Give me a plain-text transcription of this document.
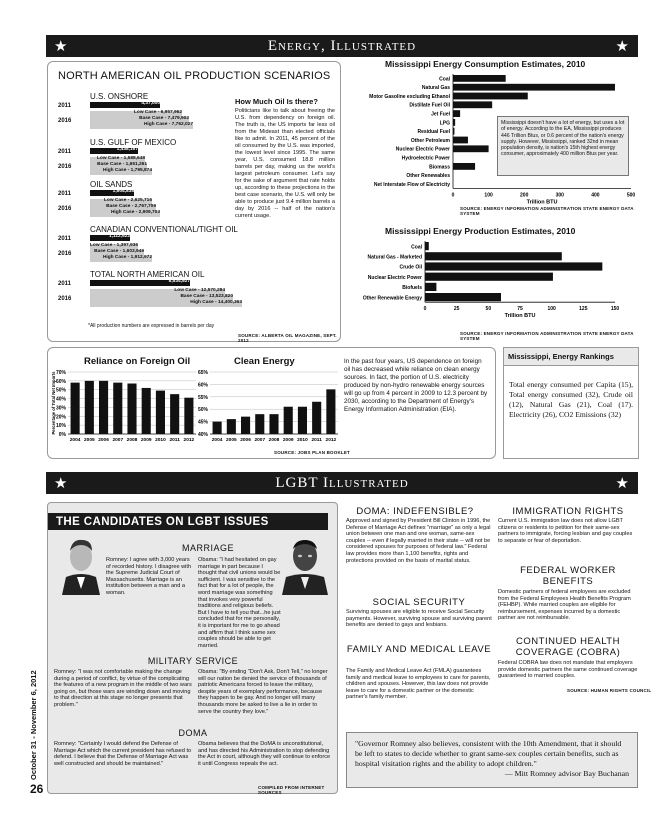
★	Energy, Illustrated	★
NORTH AMERICAN OIL PRODUCTION SCENARIOS
U.S. ONSHORE
2011
2016
4,37,000
Low Case - 6,957,962
Base Case - 7,479,902
High Case - 7,762,027
U.S. GULF OF MEXICO
2011
2016
1,438,167
Low Case - 1,588,648
Base Case - 1,651,261
High Case - 1,795,874
OIL SANDS
2011
2016
1,604,838
Low Case - 2,625,716
Base Case - 2,767,709
High Case - 2,909,703
CANADIAN CONVENTIONAL/TIGHT OIL
2011
2016
1,112,922
Low Case - 1,397,936
Base Case - 1,603,949
High Case - 1,912,972
TOTAL NORTH AMERICAN OIL
2011
2016
8,534,927
Low Case - 12,570,284
Base Case - 13,523,820
High Case - 14,400,363
How Much Oil Is there?
Politicians like to talk about freeing the U.S. from dependency on foreign oil. The truth is, the US imports far less oil from the Mideast than elected officials like to admit. In 2011, 45 percent of the oil consumed by the U.S. was imported, the lowest level since 1995. The same year, U.S. consumed 18.8 million barrels per day, making us the world's largest petroleum consumer. Let's say for the sake of argument that rate holds up, according to these projections in the best case scenario, the U.S. will only be able to produce just 9.4 million barrels a day by 2016 -- half of the nation's current usage.
*All production numbers are expressed in barrels per day
SOURCE: ALBERTA OIL MAGAZINE, SEPT. 2012
Mississippi Energy Consumption Estimates, 2010
Coal
Natural Gas
Motor Gasoline excluding Ethanol
Distillate Fuel Oil
Jet Fuel
LPG
Residual Fuel
Other Petroleum
Nuclear Electric Power
Hydroelectric Power
Biomass
Other Renewables
Net Interstate Flow of Electricity
0	100	200	300	400	500
Trillion BTU
Mississippi doesn't have a lot of energy, but uses a lot of energy. According to the EA, Mississippi produces 446 Trillion Btus, or 0.6 percent of the nation's energy supply. However, Mississippi, ranked 32nd in mean population density, is nation's 15th highest energy consumer, approximately 400 million Btus per year.
SOURCE: ENERGY INFORMATION ADMINISTRATION STATE ENERGY DATA SYSTEM
Mississippi Energy Production Estimates, 2010
Coal
Natural Gas - Marketed
Crude Oil
Nuclear Electric Power
Biofuels
Other Renewable Energy
0	25	50	75	100	125	150
Trillion BTU
SOURCE: ENERGY INFORMATION ADMINISTRATION STATE ENERGY DATA SYSTEM
Reliance on Foreign Oil
70%
60%
50%
40%
30%
20%
10%
0%
2004 2005 2006 2007 2008 2009 2010 2011 2012
Percentage of Total Net Imports
Clean Energy
65%
60%
55%
50%
45%
40%
2004 2005 2006 2007 2008 2009 2010 2011 2012
In the past four years, US dependence on foreign oil has decreased while reliance on clean energy sources. In fact, the portion of U.S. electricity produced by non-hydro renewable energy sources will go up from 4 percent in 2009 to 12.3 percent by 2030, according to the Department of Energy's Energy Information Administration (EIA).
SOURCE: JOBS PLAN BOOKLET
Mississippi, Energy Rankings
Total energy consumed per Capita (15), Total energy consumed (32), Crude oil (12), Natural Gas (21), Coal (17). Electricity (26), CO2 Emissions (32)
★	LGBT Illustrated	★
THE CANDIDATES ON LGBT ISSUES
MARRIAGE
Romney: I agree with 3,000 years of recorded history. I disagree with the Supreme Judicial Court of Massachusetts. Marriage is an institution between a man and a woman.
Obama: "I had hesitated on gay marriage in part because I thought that civil unions would be sufficient. I was sensitive to the fact that for a lot of people, the word marriage was something that invokes very powerful traditions and religious beliefs. But I have to tell you that...he just concluded that for me personally, it is important for me to go ahead and affirm that I think same sex couples should be able to get married.
MILITARY SERVICE
Romney: "I was not comfortable making the change during a period of conflict, by virtue of the complicating the features of a new program in the middle of two wars going on, but those wars are winding down and moving to that direction at this stage no longer presents that problem."
Obama: "By ending "Don't Ask, Don't Tell," no longer will our nation be denied the service of thousands of patriotic Americans forced to leave the military, despite years of exemplary performance, because they happen to be gay. And no longer will many thousands more be asked to live a lie in order to serve the country they love."
DOMA
Romney: "Certainly I would defend the Defense of Marriage Act which the current president has refused to defend. I believe that the Defense of Marriage Act was well constructed and should be maintained."
Obama believes that the DoMA is unconstitutional, and has directed his Administration to stop defending the Act in court, although they will continue to enforce it until Congress repeals the act.
COMPILED FROM INTERNET SOURCES
DOMA: INDEFENSIBLE?
Approved and signed by President Bill Clinton in 1996, the Defense of Marriage Act defines "marriage" as only a legal union between one man and one woman, same-sex couples -- even if legally married in their state -- will not be considered spouses for purposes of federal law." Federal law provides more than 1,100 benefits, rights and protections provided on the basis of marital status.
SOCIAL SECURITY
Surviving spouses are eligible to receive Social Security payments. However, surviving spouse and surviving parent benefits are denied to gays and lesbians.
FAMILY AND MEDICAL LEAVE
The Family and Medical Leave Act (FMLA) guarantees family and medical leave to employees to care for parents, children and spouses. However, this law does not provide leave to care for a domestic partner or the domestic partner's family member.
IMMIGRATION RIGHTS
Current U.S. immigration law does not allow LGBT citizens or residents to petition for their same-sex partners to immigrate, forcing lesbian and gay couples to separate or fear of deportation.
FEDERAL WORKER BENEFITS
Domestic partners of federal employees are excluded from the Federal Employees Health Benefits Program (FEHBP). While married couples are eligible for reimbursement, expenses incurred by a domestic partner are not reimbursable.
CONTINUED HEALTH COVERAGE (COBRA)
Federal COBRA law does not mandate that employers provide domestic partners the same continued coverage guaranteed to married couples.
SOURCE: HUMAN RIGHTS COUNCIL
"Governor Romney also believes, consistent with the 10th Amendment, that it should be left to states to decide whether to grant same-sex couples certain benefits, such as hospital visitation rights and the ability to adopt children."
— Mitt Romney advisor Bay Buchanan
October 31 - November 6, 2012
26
